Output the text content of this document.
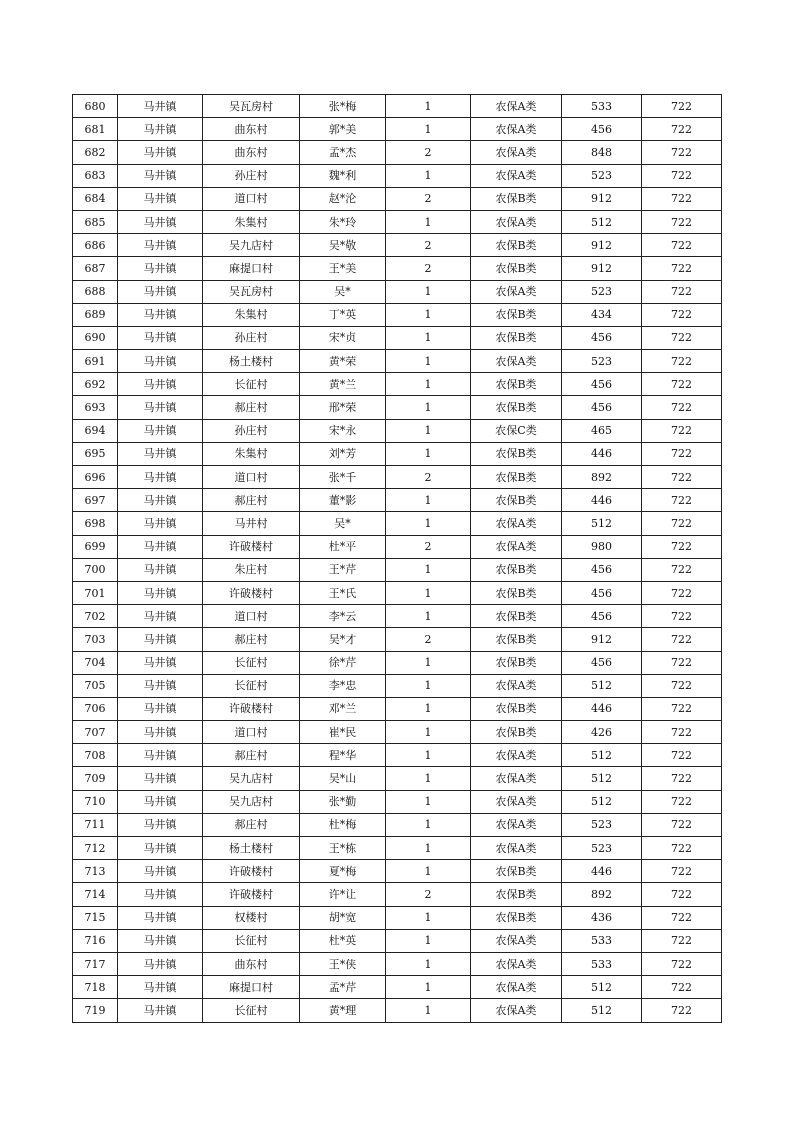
680	马井镇	吴瓦房村	张*梅	1	农保A类	533	722
681	马井镇	曲东村	郭*美	1	农保A类	456	722
682	马井镇	曲东村	孟*杰	2	农保A类	848	722
683	马井镇	孙庄村	魏*利	1	农保A类	523	722
684	马井镇	道口村	赵*沦	2	农保B类	912	722
685	马井镇	朱集村	朱*玲	1	农保A类	512	722
686	马井镇	吴九店村	吴*敬	2	农保B类	912	722
687	马井镇	麻提口村	王*美	2	农保B类	912	722
688	马井镇	吴瓦房村	吴*	1	农保A类	523	722
689	马井镇	朱集村	丁*英	1	农保B类	434	722
690	马井镇	孙庄村	宋*贞	1	农保B类	456	722
691	马井镇	杨土楼村	黄*荣	1	农保A类	523	722
692	马井镇	长征村	黄*兰	1	农保B类	456	722
693	马井镇	郝庄村	邢*荣	1	农保B类	456	722
694	马井镇	孙庄村	宋*永	1	农保C类	465	722
695	马井镇	朱集村	刘*芳	1	农保B类	446	722
696	马井镇	道口村	张*千	2	农保B类	892	722
697	马井镇	郝庄村	董*影	1	农保B类	446	722
698	马井镇	马井村	吴*	1	农保A类	512	722
699	马井镇	许破楼村	杜*平	2	农保A类	980	722
700	马井镇	朱庄村	王*芹	1	农保B类	456	722
701	马井镇	许破楼村	王*氏	1	农保B类	456	722
702	马井镇	道口村	李*云	1	农保B类	456	722
703	马井镇	郝庄村	吴*才	2	农保B类	912	722
704	马井镇	长征村	徐*芹	1	农保B类	456	722
705	马井镇	长征村	李*忠	1	农保A类	512	722
706	马井镇	许破楼村	邓*兰	1	农保B类	446	722
707	马井镇	道口村	崔*民	1	农保B类	426	722
708	马井镇	郝庄村	程*华	1	农保A类	512	722
709	马井镇	吴九店村	吴*山	1	农保A类	512	722
710	马井镇	吴九店村	张*勤	1	农保A类	512	722
711	马井镇	郝庄村	杜*梅	1	农保A类	523	722
712	马井镇	杨土楼村	王*栋	1	农保A类	523	722
713	马井镇	许破楼村	夏*梅	1	农保B类	446	722
714	马井镇	许破楼村	许*让	2	农保B类	892	722
715	马井镇	权楼村	胡*宽	1	农保B类	436	722
716	马井镇	长征村	杜*英	1	农保A类	533	722
717	马井镇	曲东村	王*侠	1	农保A类	533	722
718	马井镇	麻提口村	孟*芹	1	农保A类	512	722
719	马井镇	长征村	黄*理	1	农保A类	512	722
